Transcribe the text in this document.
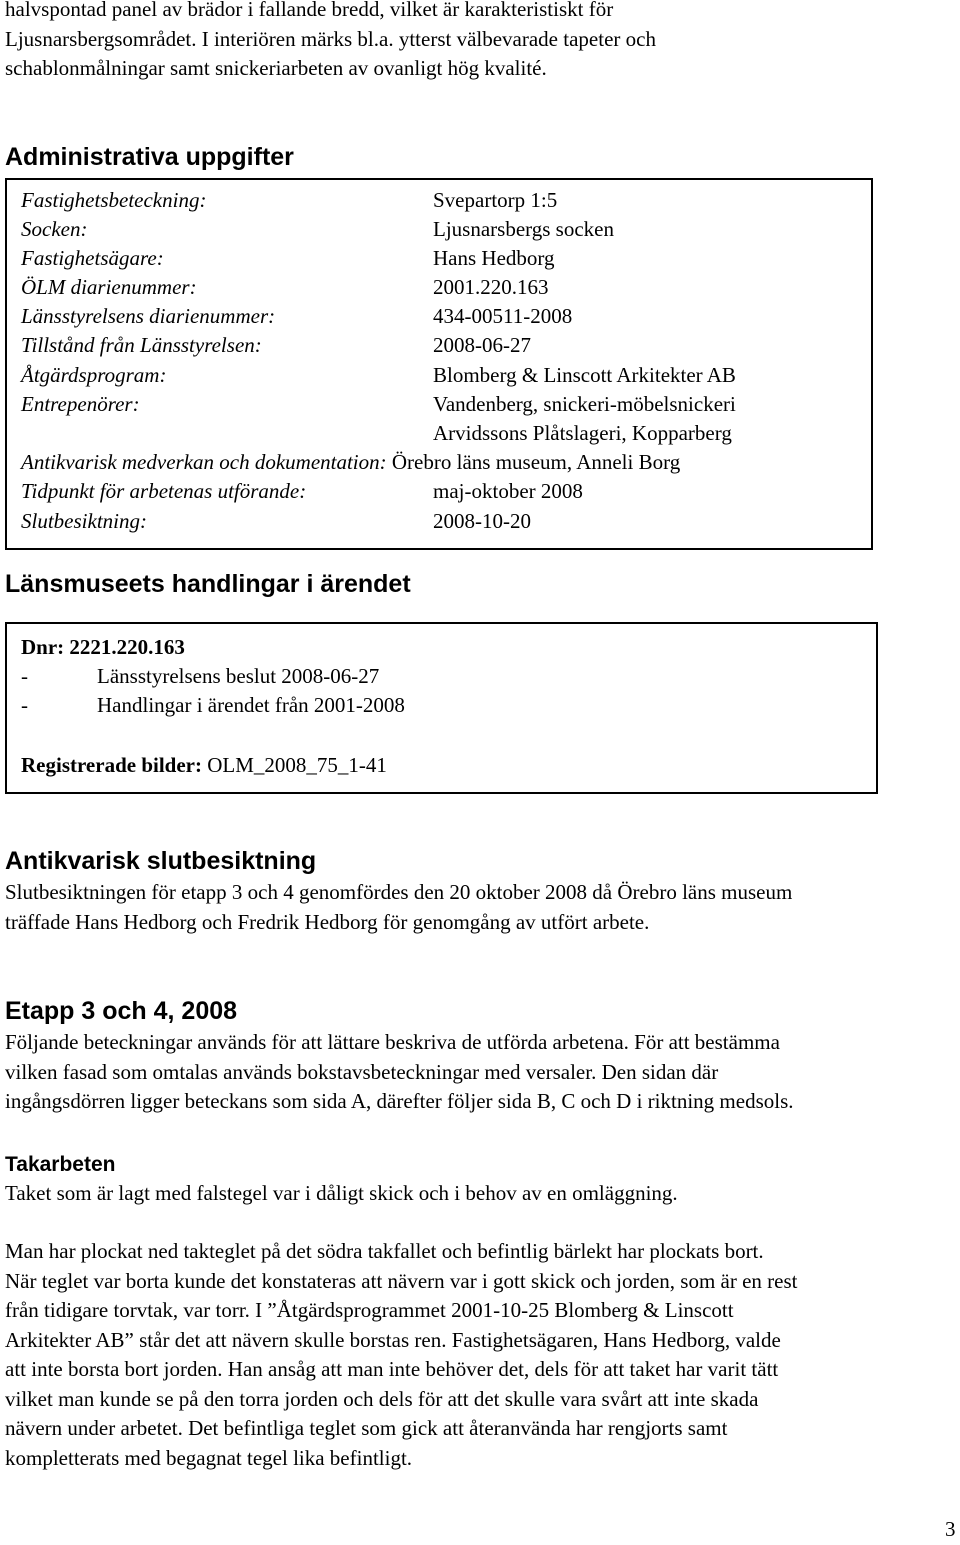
halvspontad panel av brädor i fallande bredd, vilket är karakteristiskt för
Ljusnarsbergsområdet. I interiören märks bl.a. ytterst välbevarade tapeter och
schablonmålningar samt snickeriarbeten av ovanligt hög kvalité.
Administrativa uppgifter
Fastighetsbeteckning:	Svepartorp 1:5
Socken:	Ljusnarsbergs socken
Fastighetsägare:	Hans Hedborg
ÖLM diarienummer:	2001.220.163
Länsstyrelsens diarienummer:	434-00511-2008
Tillstånd från Länsstyrelsen:	2008-06-27
Åtgärdsprogram:	Blomberg & Linscott Arkitekter AB
Entrepenörer:	Vandenberg, snickeri-möbelsnickeri
Arvidssons Plåtslageri, Kopparberg
Antikvarisk medverkan och dokumentation: Örebro läns museum, Anneli Borg
Tidpunkt för arbetenas utförande:	maj-oktober 2008
Slutbesiktning:	2008-10-20
Länsmuseets handlingar i ärendet
Dnr: 2221.220.163
-	Länsstyrelsens beslut 2008-06-27
-	Handlingar i ärendet från 2001-2008
Registrerade bilder: OLM_2008_75_1-41
Antikvarisk slutbesiktning
Slutbesiktningen för etapp 3 och 4 genomfördes den 20 oktober 2008 då Örebro läns museum
träffade Hans Hedborg och Fredrik Hedborg för genomgång av utfört arbete.
Etapp 3 och 4, 2008
Följande beteckningar används för att lättare beskriva de utförda arbetena. För att bestämma
vilken fasad som omtalas används bokstavsbeteckningar med versaler. Den sidan där
ingångsdörren ligger beteckans som sida A, därefter följer sida B, C och D i riktning medsols.
Takarbeten
Taket som är lagt med falstegel var i dåligt skick och i behov av en omläggning.
Man har plockat ned takteglet på det södra takfallet och befintlig bärlekt har plockats bort.
När teglet var borta kunde det konstateras att nävern var i gott skick och jorden, som är en rest
från tidigare torvtak, var torr. I ”Åtgärdsprogrammet 2001-10-25 Blomberg & Linscott
Arkitekter AB” står det att nävern skulle borstas ren. Fastighetsägaren, Hans Hedborg, valde
att inte borsta bort jorden. Han ansåg att man inte behöver det, dels för att taket har varit tätt
vilket man kunde se på den torra jorden och dels för att det skulle vara svårt att inte skada
nävern under arbetet. Det befintliga teglet som gick att återanvända har rengjorts samt
kompletterats med begagnat tegel lika befintligt.
3
